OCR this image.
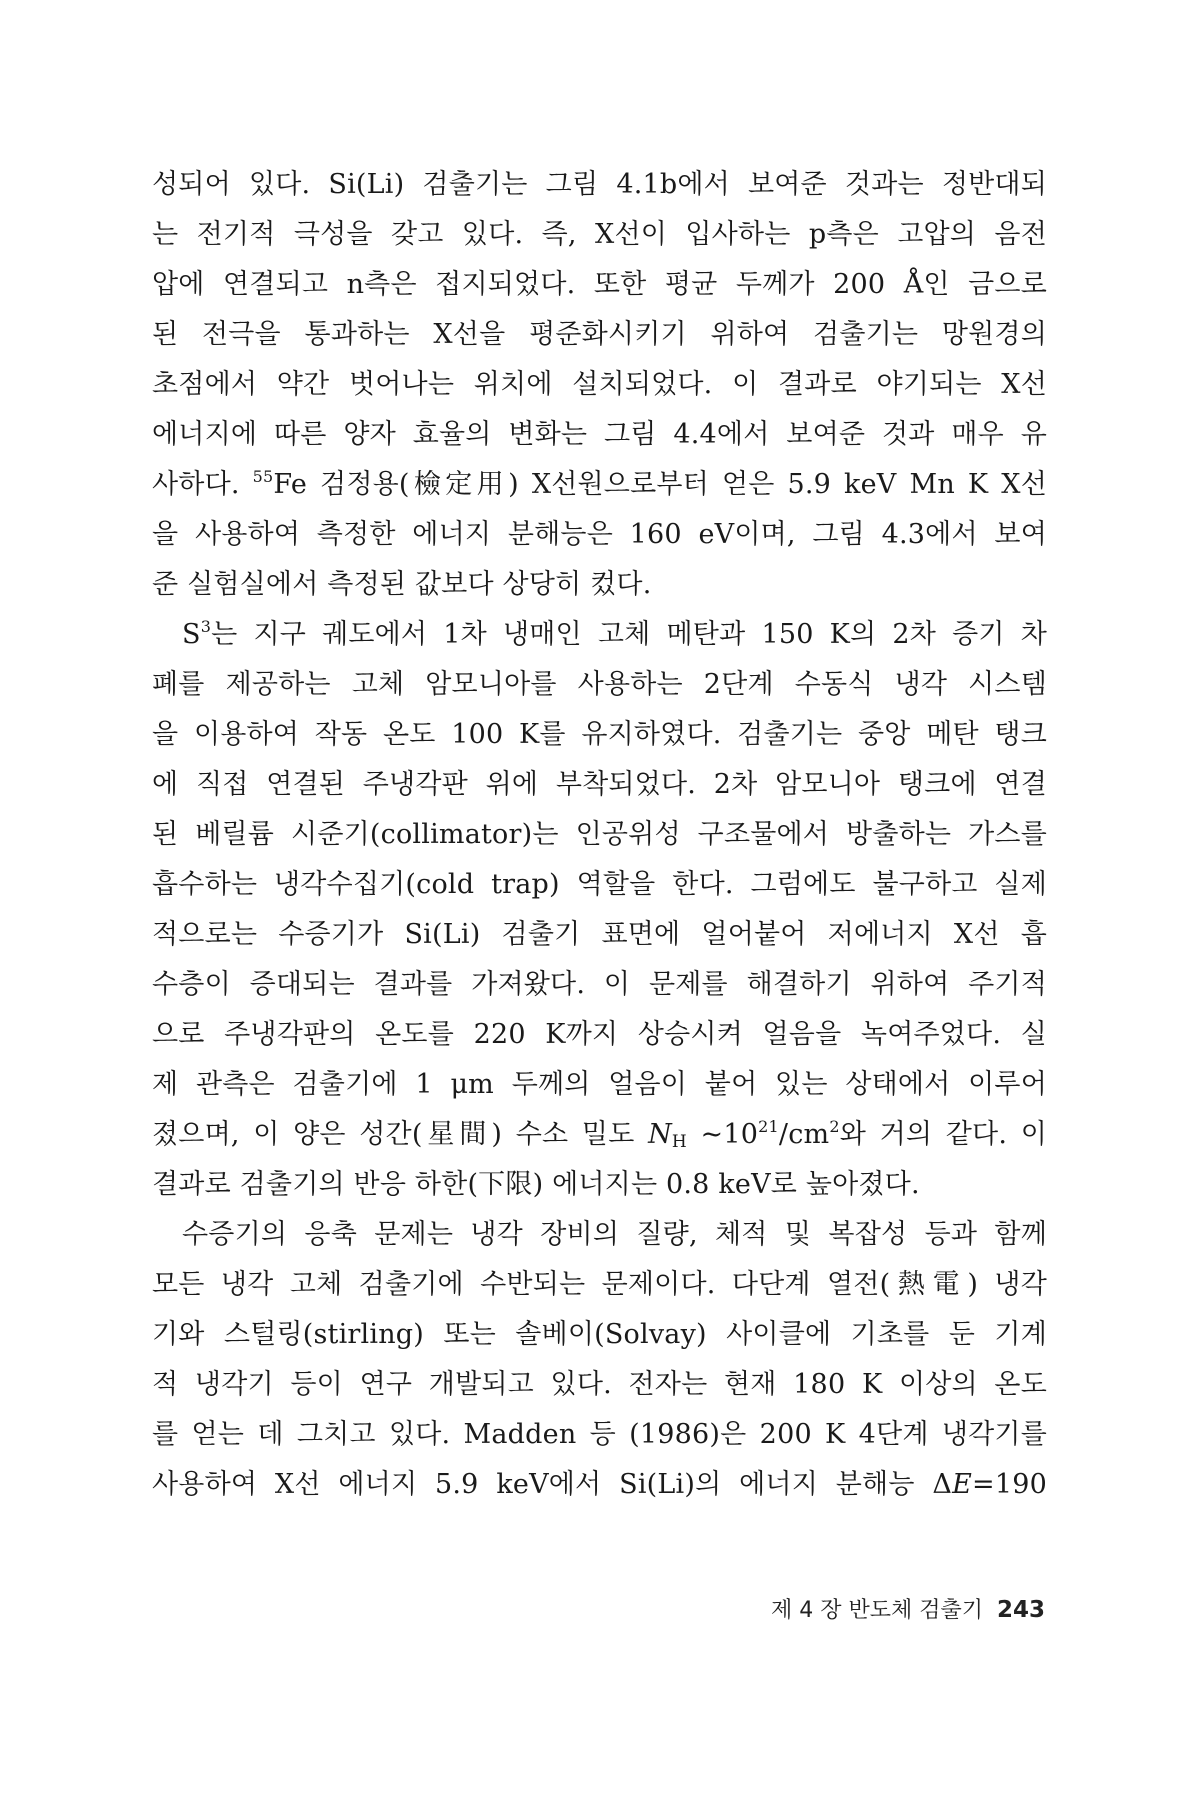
성되어 있다. Si(Li) 검출기는 그림 4.1b에서 보여준 것과는 정반대되
는 전기적 극성을 갖고 있다. 즉, X선이 입사하는 p측은 고압의 음전
압에 연결되고 n측은 접지되었다. 또한 평균 두께가 200 Å인 금으로
된 전극을 통과하는 X선을 평준화시키기 위하여 검출기는 망원경의
초점에서 약간 벗어나는 위치에 설치되었다. 이 결과로 야기되는 X선
에너지에 따른 양자 효율의 변화는 그림 4.4에서 보여준 것과 매우 유
사하다. $^{55}$Fe 검정용(檢定用) X선원으로부터 얻은 5.9 keV Mn K X선
을 사용하여 측정한 에너지 분해능은 160 eV이며, 그림 4.3에서 보여
준 실험실에서 측정된 값보다 상당히 컸다.
$S^3$는 지구 궤도에서 1차 냉매인 고체 메탄과 150 K의 2차 증기 차
폐를 제공하는 고체 암모니아를 사용하는 2단계 수동식 냉각 시스템
을 이용하여 작동 온도 100 K를 유지하였다. 검출기는 중앙 메탄 탱크
에 직접 연결된 주냉각판 위에 부착되었다. 2차 암모니아 탱크에 연결
된 베릴륨 시준기(collimator)는 인공위성 구조물에서 방출하는 가스를
흡수하는 냉각수집기(cold trap) 역할을 한다. 그럼에도 불구하고 실제
적으로는 수증기가 Si(Li) 검출기 표면에 얼어붙어 저에너지 X선 흡
수층이 증대되는 결과를 가져왔다. 이 문제를 해결하기 위하여 주기적
으로 주냉각판의 온도를 220 K까지 상승시켜 얼음을 녹여주었다. 실
제 관측은 검출기에 1 μm 두께의 얼음이 붙어 있는 상태에서 이루어
졌으며, 이 양은 성간(星間) 수소 밀도 $N_H$ $\sim 10^{21}/cm^2$와 거의 같다. 이
결과로 검출기의 반응 하한(下限) 에너지는 0.8 keV로 높아졌다.
수증기의 응축 문제는 냉각 장비의 질량, 체적 및 복잡성 등과 함께
모든 냉각 고체 검출기에 수반되는 문제이다. 다단계 열전(熱電) 냉각
기와 스털링(stirling) 또는 솔베이(Solvay) 사이클에 기초를 둔 기계
적 냉각기 등이 연구 개발되고 있다. 전자는 현재 180 K 이상의 온도
를 얻는 데 그치고 있다. Madden 등 (1986)은 200 K 4단계 냉각기를
사용하여 X선 에너지 5.9 keV에서 Si(Li)의 에너지 분해능 ΔE=190
제 4 장 반도체 검출기 243
